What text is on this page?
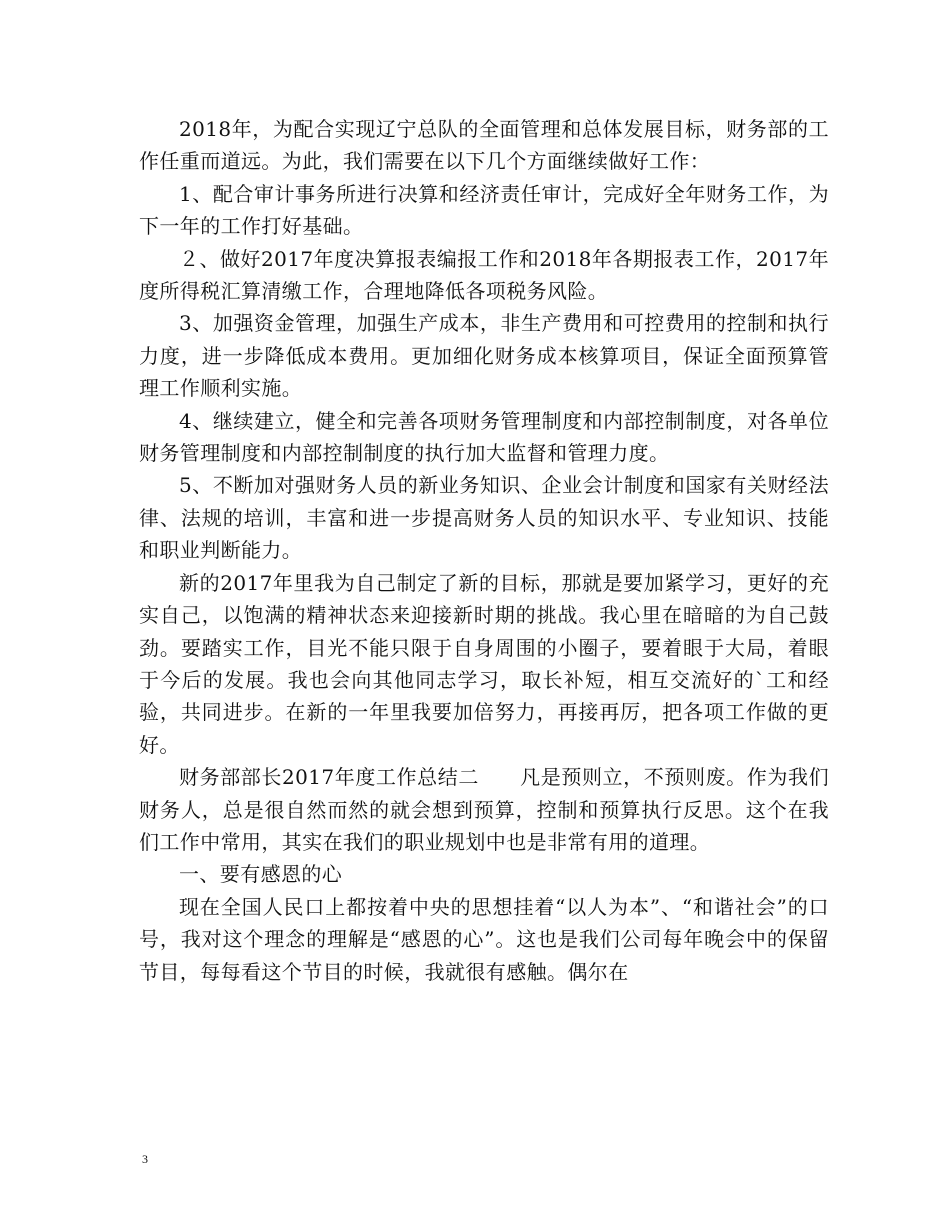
2018年，为配合实现辽宁总队的全面管理和总体发展目标，财务部的工作任重而道远。为此，我们需要在以下几个方面继续做好工作：

1、配合审计事务所进行决算和经济责任审计，完成好全年财务工作，为下一年的工作打好基础。

２、做好2017年度决算报表编报工作和2018年各期报表工作，2017年度所得税汇算清缴工作，合理地降低各项税务风险。

3、加强资金管理，加强生产成本，非生产费用和可控费用的控制和执行力度，进一步降低成本费用。更加细化财务成本核算项目，保证全面预算管理工作顺利实施。

4、继续建立，健全和完善各项财务管理制度和内部控制制度，对各单位财务管理制度和内部控制制度的执行加大监督和管理力度。

5、不断加对强财务人员的新业务知识、企业会计制度和国家有关财经法律、法规的培训，丰富和进一步提高财务人员的知识水平、专业知识、技能和职业判断能力。

新的2017年里我为自己制定了新的目标，那就是要加紧学习，更好的充实自己，以饱满的精神状态来迎接新时期的挑战。我心里在暗暗的为自己鼓劲。要踏实工作，目光不能只限于自身周围的小圈子，要着眼于大局，着眼于今后的发展。我也会向其他同志学习，取长补短，相互交流好的`工和经验，共同进步。在新的一年里我要加倍努力，再接再厉，把各项工作做的更好。

财务部部长2017年度工作总结二　　凡是预则立，不预则废。作为我们财务人，总是很自然而然的就会想到预算，控制和预算执行反思。这个在我们工作中常用，其实在我们的职业规划中也是非常有用的道理。

一、要有感恩的心

现在全国人民口上都按着中央的思想挂着“以人为本”、“和谐社会”的口号，我对这个理念的理解是“感恩的心”。这也是我们公司每年晚会中的保留节目，每每看这个节目的时候，我就很有感触。偶尔在

3
